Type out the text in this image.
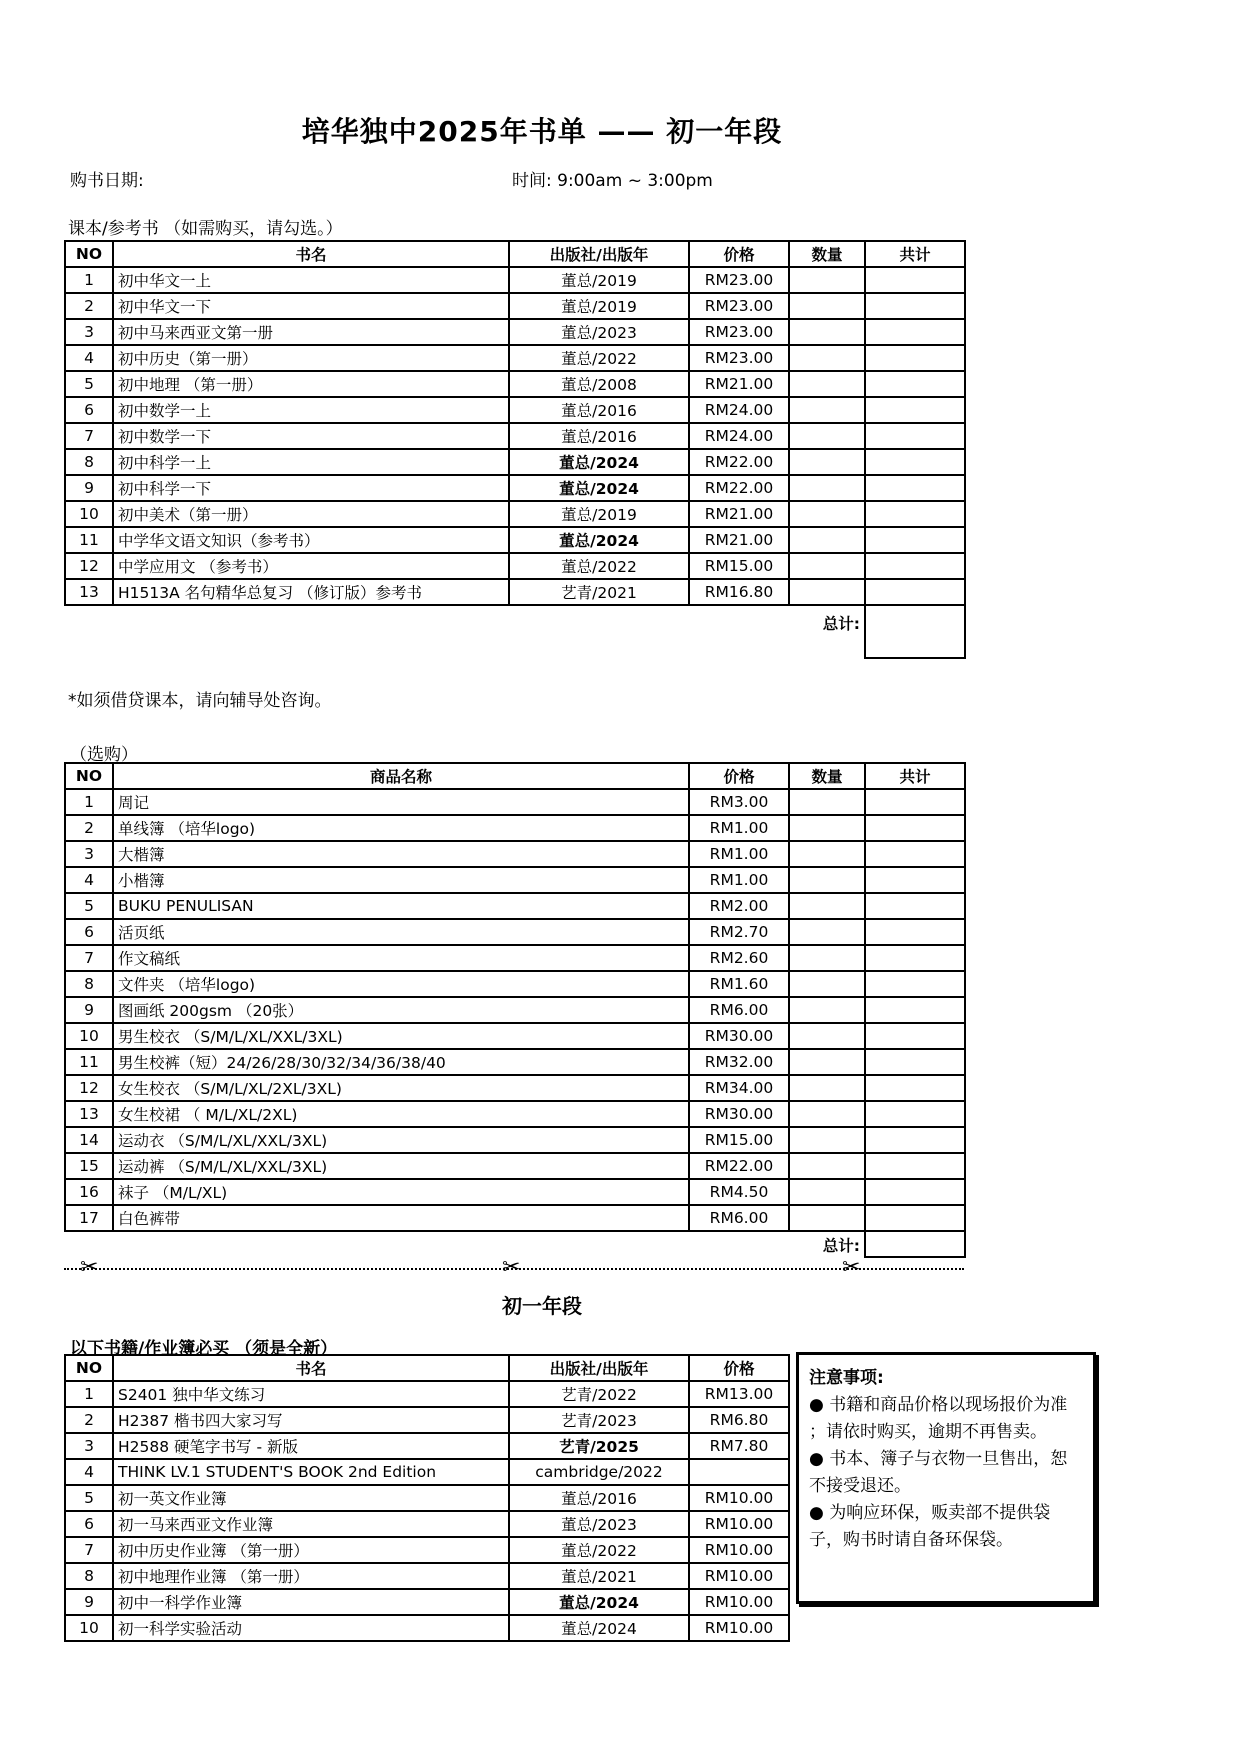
培华独中2025年书单 —— 初一年段
购书日期:	时间: 9:00am ~ 3:00pm
课本/参考书 （如需购买，请勾选。）
NO	书名	出版社/出版年	价格	数量	共计
1	初中华文一上	董总/2019	RM23.00		
2	初中华文一下	董总/2019	RM23.00		
3	初中马来西亚文第一册	董总/2023	RM23.00		
4	初中历史（第一册）	董总/2022	RM23.00		
5	初中地理 （第一册）	董总/2008	RM21.00		
6	初中数学一上	董总/2016	RM24.00		
7	初中数学一下	董总/2016	RM24.00		
8	初中科学一上	董总/2024	RM22.00		
9	初中科学一下	董总/2024	RM22.00		
10	初中美术（第一册）	董总/2019	RM21.00		
11	中学华文语文知识（参考书）	董总/2024	RM21.00		
12	中学应用文 （参考书）	董总/2022	RM15.00		
13	H1513A 名句精华总复习 （修订版）参考书	艺青/2021	RM16.80		
总计:					
*如须借贷课本，请向辅导处咨询。
（选购）
NO	商品名称	价格	数量	共计
1	周记	RM3.00		
2	单线簿 （培华logo)	RM1.00		
3	大楷簿	RM1.00		
4	小楷簿	RM1.00		
5	BUKU PENULISAN	RM2.00		
6	活页纸	RM2.70		
7	作文稿纸	RM2.60		
8	文件夹 （培华logo)	RM1.60		
9	图画纸 200gsm （20张）	RM6.00		
10	男生校衣 （S/M/L/XL/XXL/3XL)	RM30.00		
11	男生校裤（短）24/26/28/30/32/34/36/38/40	RM32.00		
12	女生校衣 （S/M/L/XL/2XL/3XL)	RM34.00		
13	女生校裙 （ M/L/XL/2XL)	RM30.00		
14	运动衣 （S/M/L/XL/XXL/3XL)	RM15.00		
15	运动裤 （S/M/L/XL/XXL/3XL)	RM22.00		
16	袜子 （M/L/XL)	RM4.50		
17	白色裤带	RM6.00		
总计:				
✂	✂	✂
初一年段
以下书籍/作业簿必买 （须是全新）
NO	书名	出版社/出版年	价格
1	S2401 独中华文练习	艺青/2022	RM13.00
2	H2387 楷书四大家习写	艺青/2023	RM6.80
3	H2588 硬笔字书写 - 新版	艺青/2025	RM7.80
4	THINK LV.1 STUDENT'S BOOK 2nd Edition	cambridge/2022	
5	初一英文作业簿	董总/2016	RM10.00
6	初一马来西亚文作业簿	董总/2023	RM10.00
7	初中历史作业簿 （第一册）	董总/2022	RM10.00
8	初中地理作业簿 （第一册）	董总/2021	RM10.00
9	初中一科学作业簿	董总/2024	RM10.00
10	初一科学实验活动	董总/2024	RM10.00
注意事项:

● 书籍和商品价格以现场报价为准 ；请依时购买，逾期不再售卖。

● 书本、簿子与衣物一旦售出，恕不接受退还。

● 为响应环保，贩卖部不提供袋子，购书时请自备环保袋。
